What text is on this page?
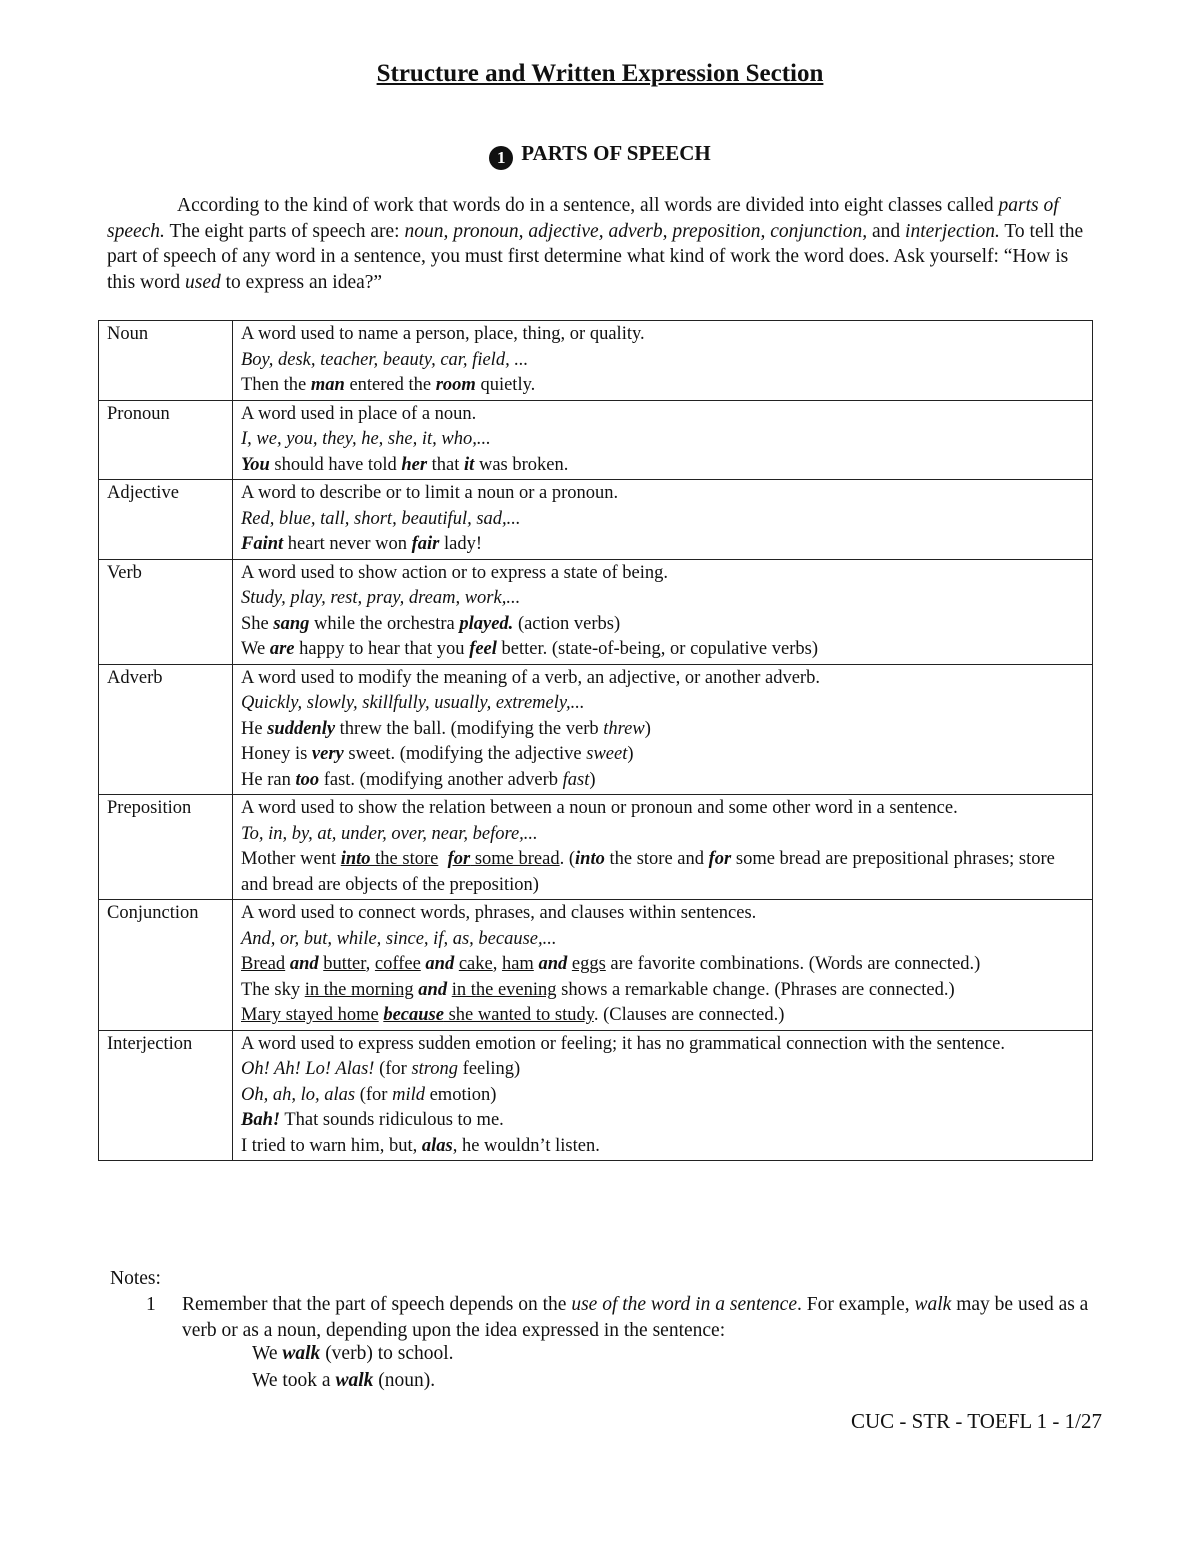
Structure and Written Expression Section
1 PARTS OF SPEECH

According to the kind of work that words do in a sentence, all words are divided into eight classes called parts of speech. The eight parts of speech are: noun, pronoun, adjective, adverb, preposition, conjunction, and interjection. To tell the part of speech of any word in a sentence, you must first determine what kind of work the word does. Ask yourself: “How is this word used to express an idea?”

Noun	A word used to name a person, place, thing, or quality.
Boy, desk, teacher, beauty, car, field, ...
Then the man entered the room quietly.

Pronoun	A word used in place of a noun.
I, we, you, they, he, she, it, who,...
You should have told her that it was broken.

Adjective	A word to describe or to limit a noun or a pronoun.
Red, blue, tall, short, beautiful, sad,...
Faint heart never won fair lady!

Verb	A word used to show action or to express a state of being.
Study, play, rest, pray, dream, work,...
She sang while the orchestra played. (action verbs)
We are happy to hear that you feel better. (state-of-being, or copulative verbs)

Adverb	A word used to modify the meaning of a verb, an adjective, or another adverb.
Quickly, slowly, skillfully, usually, extremely,...
He suddenly threw the ball. (modifying the verb threw)
Honey is very sweet. (modifying the adjective sweet)
He ran too fast. (modifying another adverb fast)

Preposition	A word used to show the relation between a noun or pronoun and some other word in a sentence.
To, in, by, at, under, over, near, before,...
Mother went into the store for some bread. (into the store and for some bread are prepositional phrases; store and bread are objects of the preposition)

Conjunction	A word used to connect words, phrases, and clauses within sentences.
And, or, but, while, since, if, as, because,...
Bread and butter, coffee and cake, ham and eggs are favorite combinations. (Words are connected.)
The sky in the morning and in the evening shows a remarkable change. (Phrases are connected.)
Mary stayed home because she wanted to study. (Clauses are connected.)

Interjection	A word used to express sudden emotion or feeling; it has no grammatical connection with the sentence.
Oh! Ah! Lo! Alas! (for strong feeling)
Oh, ah, lo, alas (for mild emotion)
Bah! That sounds ridiculous to me.
I tried to warn him, but, alas, he wouldn’t listen.
Notes:
1 Remember that the part of speech depends on the use of the word in a sentence. For example, walk may be used as a verb or as a noun, depending upon the idea expressed in the sentence:
We walk (verb) to school.
We took a walk (noun).
CUC - STR - TOEFL 1 - 1/27
